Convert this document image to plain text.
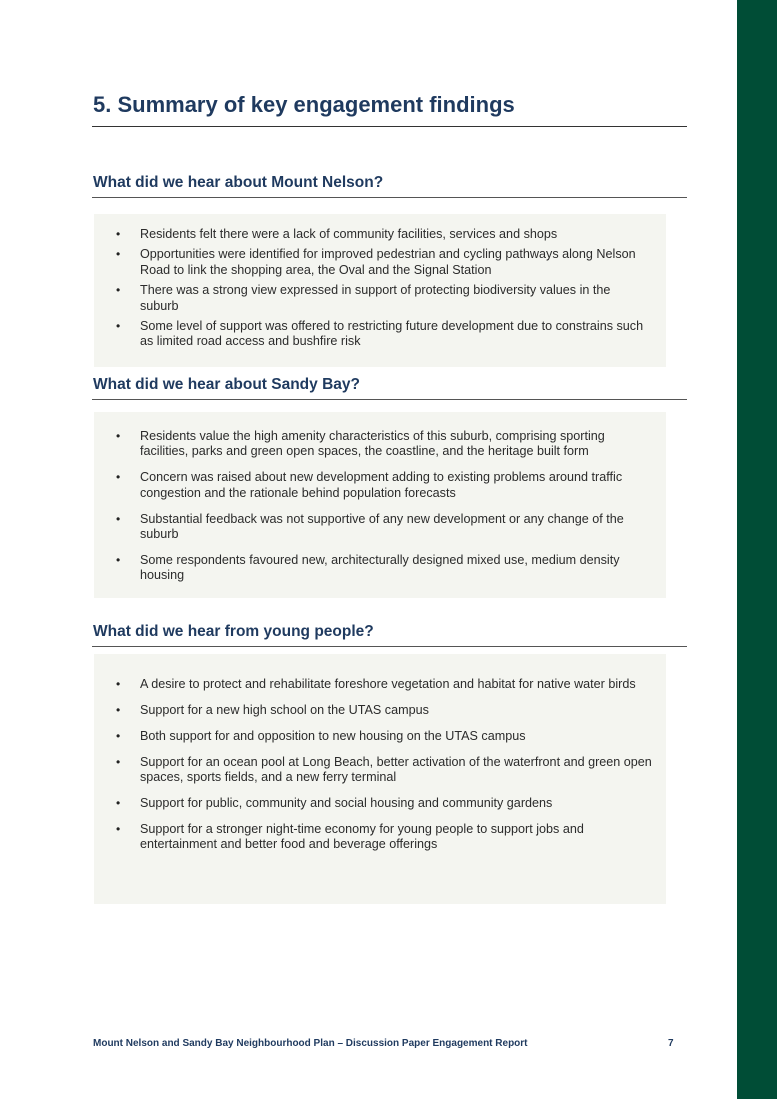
5. Summary of key engagement findings
What did we hear about Mount Nelson?
•	Residents felt there were a lack of community facilities, services and shops
•	Opportunities were identified for improved pedestrian and cycling pathways along Nelson Road to link the shopping area, the Oval and the Signal Station
•	There was a strong view expressed in support of protecting biodiversity values in the suburb
•	Some level of support was offered to restricting future development due to constrains such as limited road access and bushfire risk
What did we hear about Sandy Bay?
•	Residents value the high amenity characteristics of this suburb, comprising sporting facilities, parks and green open spaces, the coastline, and the heritage built form
•	Concern was raised about new development adding to existing problems around traffic congestion and the rationale behind population forecasts
•	Substantial feedback was not supportive of any new development or any change of the suburb
•	Some respondents favoured new, architecturally designed mixed use, medium density housing
What did we hear from young people?
•	A desire to protect and rehabilitate foreshore vegetation and habitat for native water birds
•	Support for a new high school on the UTAS campus
•	Both support for and opposition to new housing on the UTAS campus
•	Support for an ocean pool at Long Beach, better activation of the waterfront and green open spaces, sports fields, and a new ferry terminal
•	Support for public, community and social housing and community gardens
•	Support for a stronger night-time economy for young people to support jobs and entertainment and better food and beverage offerings
Mount Nelson and Sandy Bay Neighbourhood Plan – Discussion Paper Engagement Report	7
